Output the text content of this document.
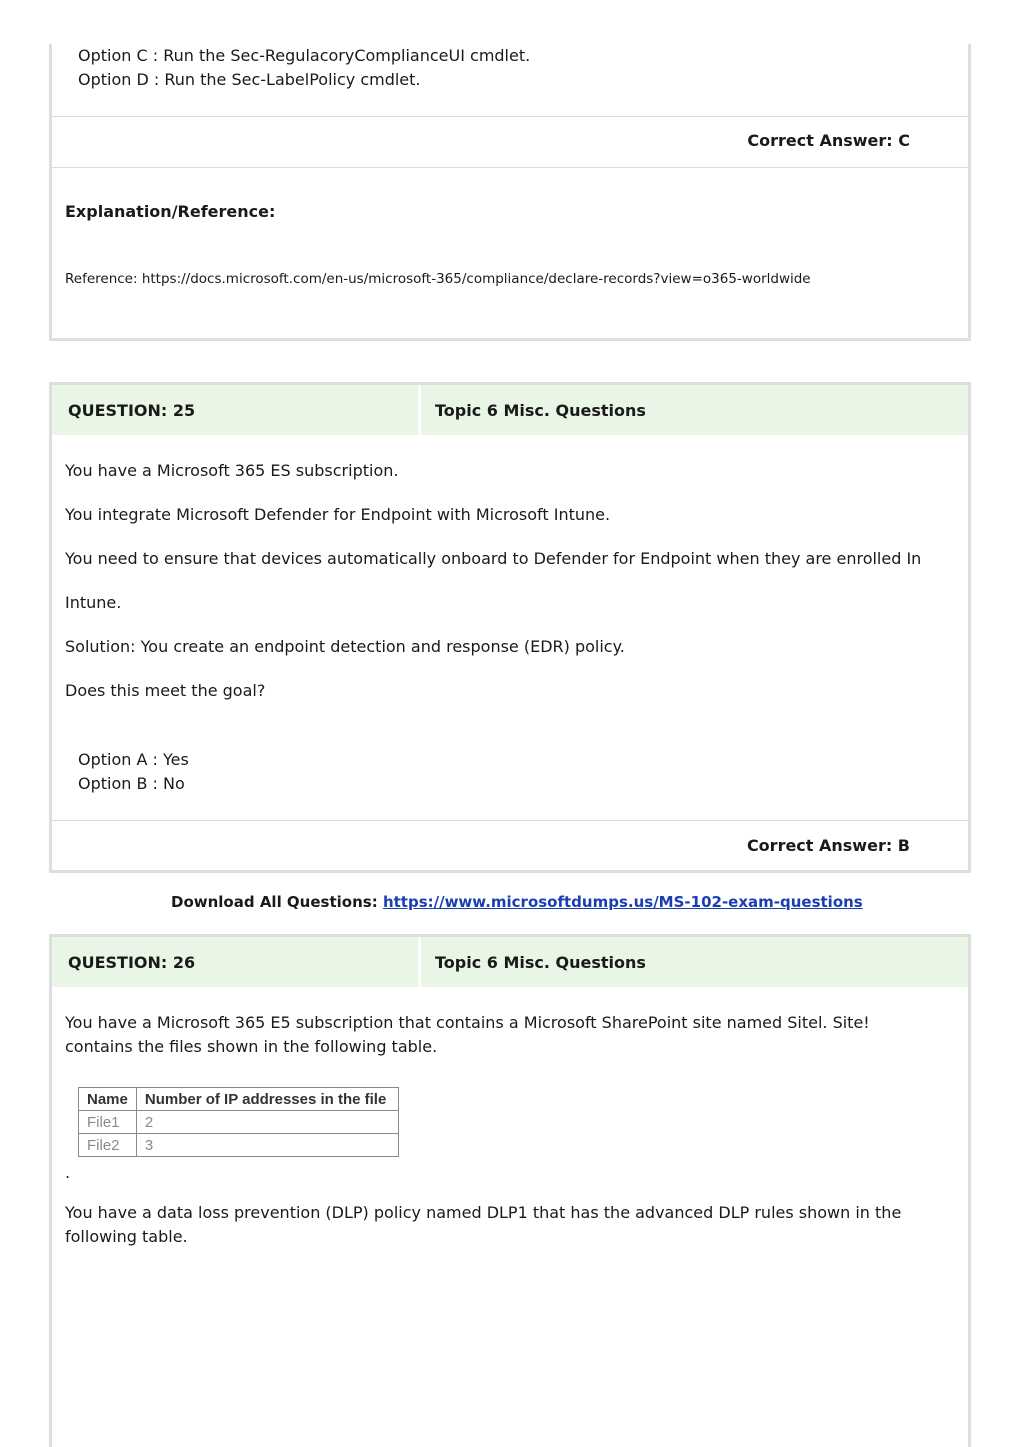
Option C : Run the Sec-RegulacoryComplianceUI cmdlet.
Option D : Run the Sec-LabelPolicy cmdlet.
Correct Answer: C
Explanation/Reference:
Reference: https://docs.microsoft.com/en-us/microsoft-365/compliance/declare-records?view=o365-worldwide
QUESTION: 25	Topic 6 Misc. Questions
You have a Microsoft 365 ES subscription.
You integrate Microsoft Defender for Endpoint with Microsoft Intune.
You need to ensure that devices automatically onboard to Defender for Endpoint when they are enrolled In
Intune.
Solution: You create an endpoint detection and response (EDR) policy.
Does this meet the goal?
Option A : Yes
Option B : No
Correct Answer: B
Download All Questions: https://www.microsoftdumps.us/MS-102-exam-questions
QUESTION: 26	Topic 6 Misc. Questions
You have a Microsoft 365 E5 subscription that contains a Microsoft SharePoint site named Sitel. Site!
contains the files shown in the following table.
Name	Number of IP addresses in the file
File1	2
File2	3
.
You have a data loss prevention (DLP) policy named DLP1 that has the advanced DLP rules shown in the
following table.
